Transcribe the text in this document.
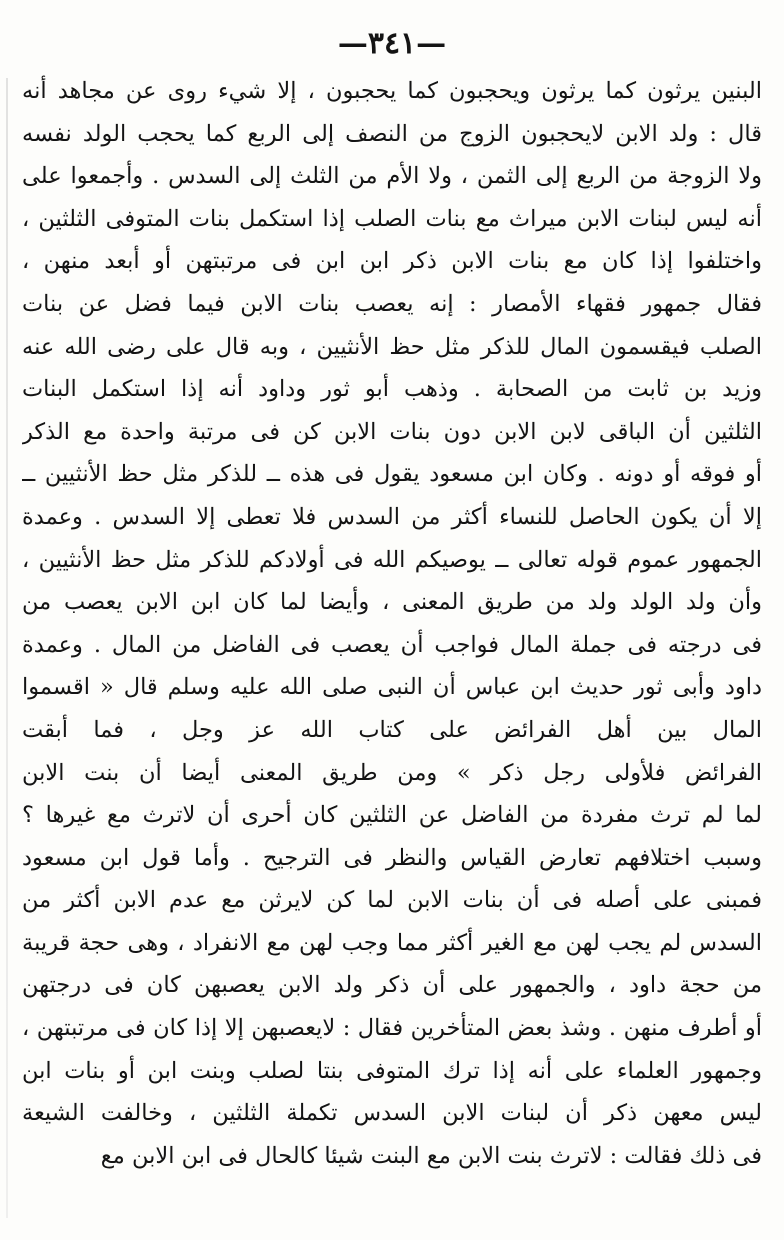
—٣٤١—
البنين يرثون كما يرثون ويحجبون كما يحجبون ، إلا شيء روى عن مجاهد أنه
قال : ولد الابن لايحجبون الزوج من النصف إلى الربع كما يحجب الولد نفسه
ولا الزوجة من الربع إلى الثمن ، ولا الأم من الثلث إلى السدس . وأجمعوا على
أنه ليس لبنات الابن ميراث مع بنات الصلب إذا استكمل بنات المتوفى الثلثين ،
واختلفوا إذا كان مع بنات الابن ذكر ابن ابن فى مرتبتهن أو أبعد منهن ،
فقال جمهور فقهاء الأمصار : إنه يعصب بنات الابن فيما فضل عن بنات
الصلب فيقسمون المال للذكر مثل حظ الأنثيين ، وبه قال على رضى الله عنه
وزيد بن ثابت من الصحابة . وذهب أبو ثور وداود أنه إذا استكمل البنات
الثلثين أن الباقى لابن الابن دون بنات الابن كن فى مرتبة واحدة مع الذكر
أو فوقه أو دونه . وكان ابن مسعود يقول فى هذه ــ للذكر مثل حظ الأنثيين ــ
إلا أن يكون الحاصل للنساء أكثر من السدس فلا تعطى إلا السدس . وعمدة
الجمهور عموم قوله تعالى ــ يوصيكم الله فى أولادكم للذكر مثل حظ الأنثيين ،
وأن ولد الولد ولد من طريق المعنى ، وأيضا لما كان ابن الابن يعصب من
فى درجته فى جملة المال فواجب أن يعصب فى الفاضل من المال . وعمدة
داود وأبى ثور حديث ابن عباس أن النبى صلى الله عليه وسلم قال « اقسموا
المال بين أهل الفرائض على كتاب الله عز وجل ، فما أبقت
الفرائض فلأولى رجل ذكر » ومن طريق المعنى أيضا أن بنت الابن
لما لم ترث مفردة من الفاضل عن الثلثين كان أحرى أن لاترث مع غيرها ؟
وسبب اختلافهم تعارض القياس والنظر فى الترجيح . وأما قول ابن مسعود
فمبنى على أصله فى أن بنات الابن لما كن لايرثن مع عدم الابن أكثر من
السدس لم يجب لهن مع الغير أكثر مما وجب لهن مع الانفراد ، وهى حجة قريبة
من حجة داود ، والجمهور على أن ذكر ولد الابن يعصبهن كان فى درجتهن
أو أطرف منهن . وشذ بعض المتأخرين فقال : لايعصبهن إلا إذا كان فى مرتبتهن ،
وجمهور العلماء على أنه إذا ترك المتوفى بنتا لصلب وبنت ابن أو بنات ابن
ليس معهن ذكر أن لبنات الابن السدس تكملة الثلثين ، وخالفت الشيعة
فى ذلك فقالت : لاترث بنت الابن مع البنت شيئا كالحال فى ابن الابن مع
